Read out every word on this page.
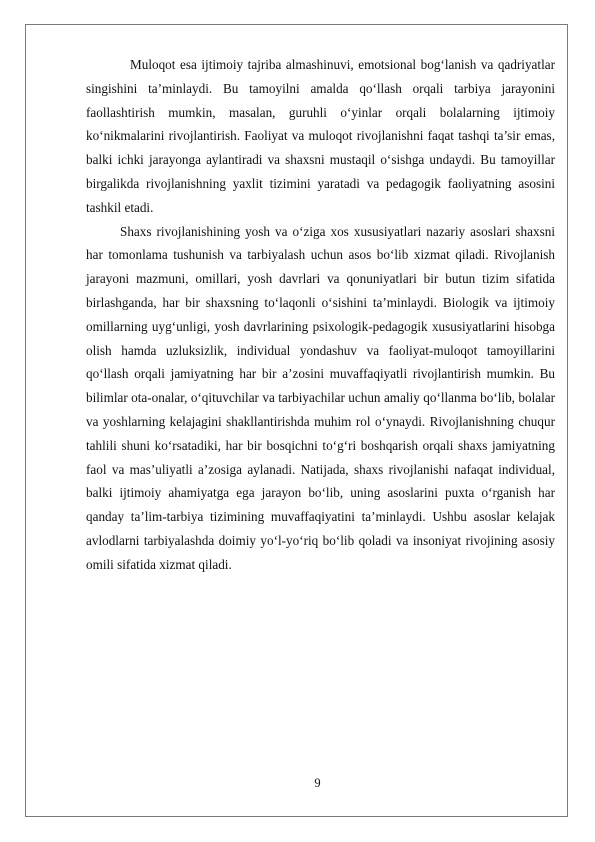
Muloqot esa ijtimoiy tajriba almashinuvi, emotsional bog‘lanish va qadriyatlar singishini ta’minlaydi. Bu tamoyilni amalda qo‘llash orqali tarbiya jarayonini faollashtirish mumkin, masalan, guruhli o‘yinlar orqali bolalarning ijtimoiy ko‘nikmalarini rivojlantirish. Faoliyat va muloqot rivojlanishni faqat tashqi ta’sir emas, balki ichki jarayonga aylantiradi va shaxsni mustaqil o‘sishga undaydi. Bu tamoyillar birgalikda rivojlanishning yaxlit tizimini yaratadi va pedagogik faoliyatning asosini tashkil etadi.

Shaxs rivojlanishining yosh va o‘ziga xos xususiyatlari nazariy asoslari shaxsni har tomonlama tushunish va tarbiyalash uchun asos bo‘lib xizmat qiladi. Rivojlanish jarayoni mazmuni, omillari, yosh davrlari va qonuniyatlari bir butun tizim sifatida birlashganda, har bir shaxsning to‘laqonli o‘sishini ta’minlaydi. Biologik va ijtimoiy omillarning uyg‘unligi, yosh davrlarining psixologik-pedagogik xususiyatlarini hisobga olish hamda uzluksizlik, individual yondashuv va faoliyat-muloqot tamoyillarini qo‘llash orqali jamiyatning har bir a’zosini muvaffaqiyatli rivojlantirish mumkin. Bu bilimlar ota-onalar, o‘qituvchilar va tarbiyachilar uchun amaliy qo‘llanma bo‘lib, bolalar va yoshlarning kelajagini shakllantirishda muhim rol o‘ynaydi. Rivojlanishning chuqur tahlili shuni ko‘rsatadiki, har bir bosqichni to‘g‘ri boshqarish orqali shaxs jamiyatning faol va mas’uliyatli a’zosiga aylanadi. Natijada, shaxs rivojlanishi nafaqat individual, balki ijtimoiy ahamiyatga ega jarayon bo‘lib, uning asoslarini puxta o‘rganish har qanday ta’lim-tarbiya tizimining muvaffaqiyatini ta’minlaydi. Ushbu asoslar kelajak avlodlarni tarbiyalashda doimiy yo‘l-yo‘riq bo‘lib qoladi va insoniyat rivojining asosiy omili sifatida xizmat qiladi.

9
